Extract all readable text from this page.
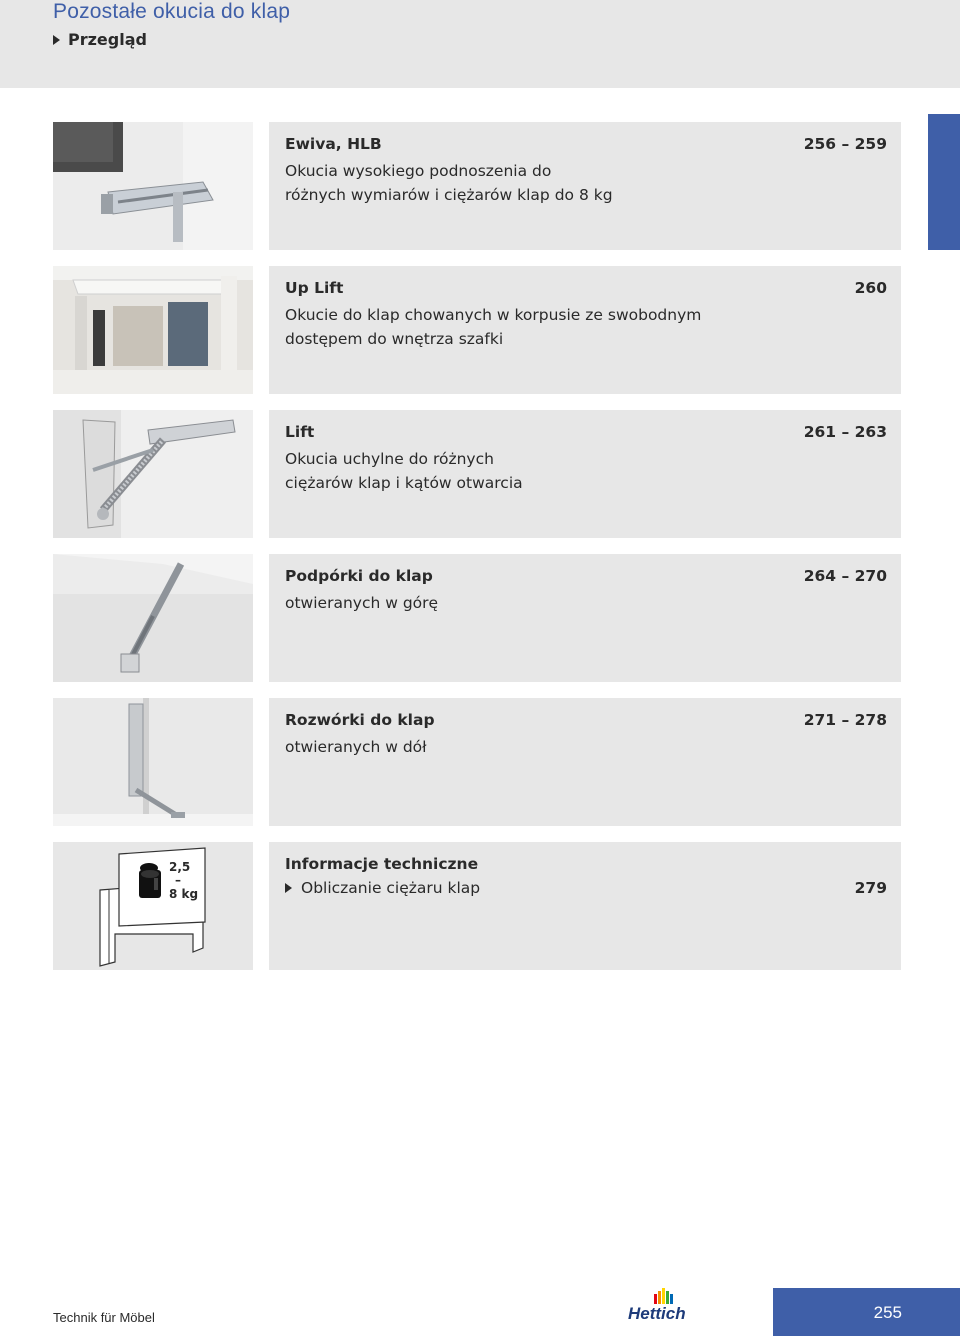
Pozostałe okucia do klap
Przegląd
Ewiva, HLB
Okucia wysokiego podnoszenia do różnych wymiarów i ciężarów klap do 8 kg
256 – 259
Up Lift
Okucie do klap chowanych w korpusie ze swobodnym dostępem do wnętrza szafki
260
Lift
Okucia uchylne do różnych ciężarów klap i kątów otwarcia
261 – 263
Podpórki do klap
otwieranych w górę
264 – 270
Rozwórki do klap
otwieranych w dół
271 – 278
2,5
–
8 kg
Informacje techniczne
Obliczanie ciężaru klap	279
Technik für Möbel	Hettich	255
